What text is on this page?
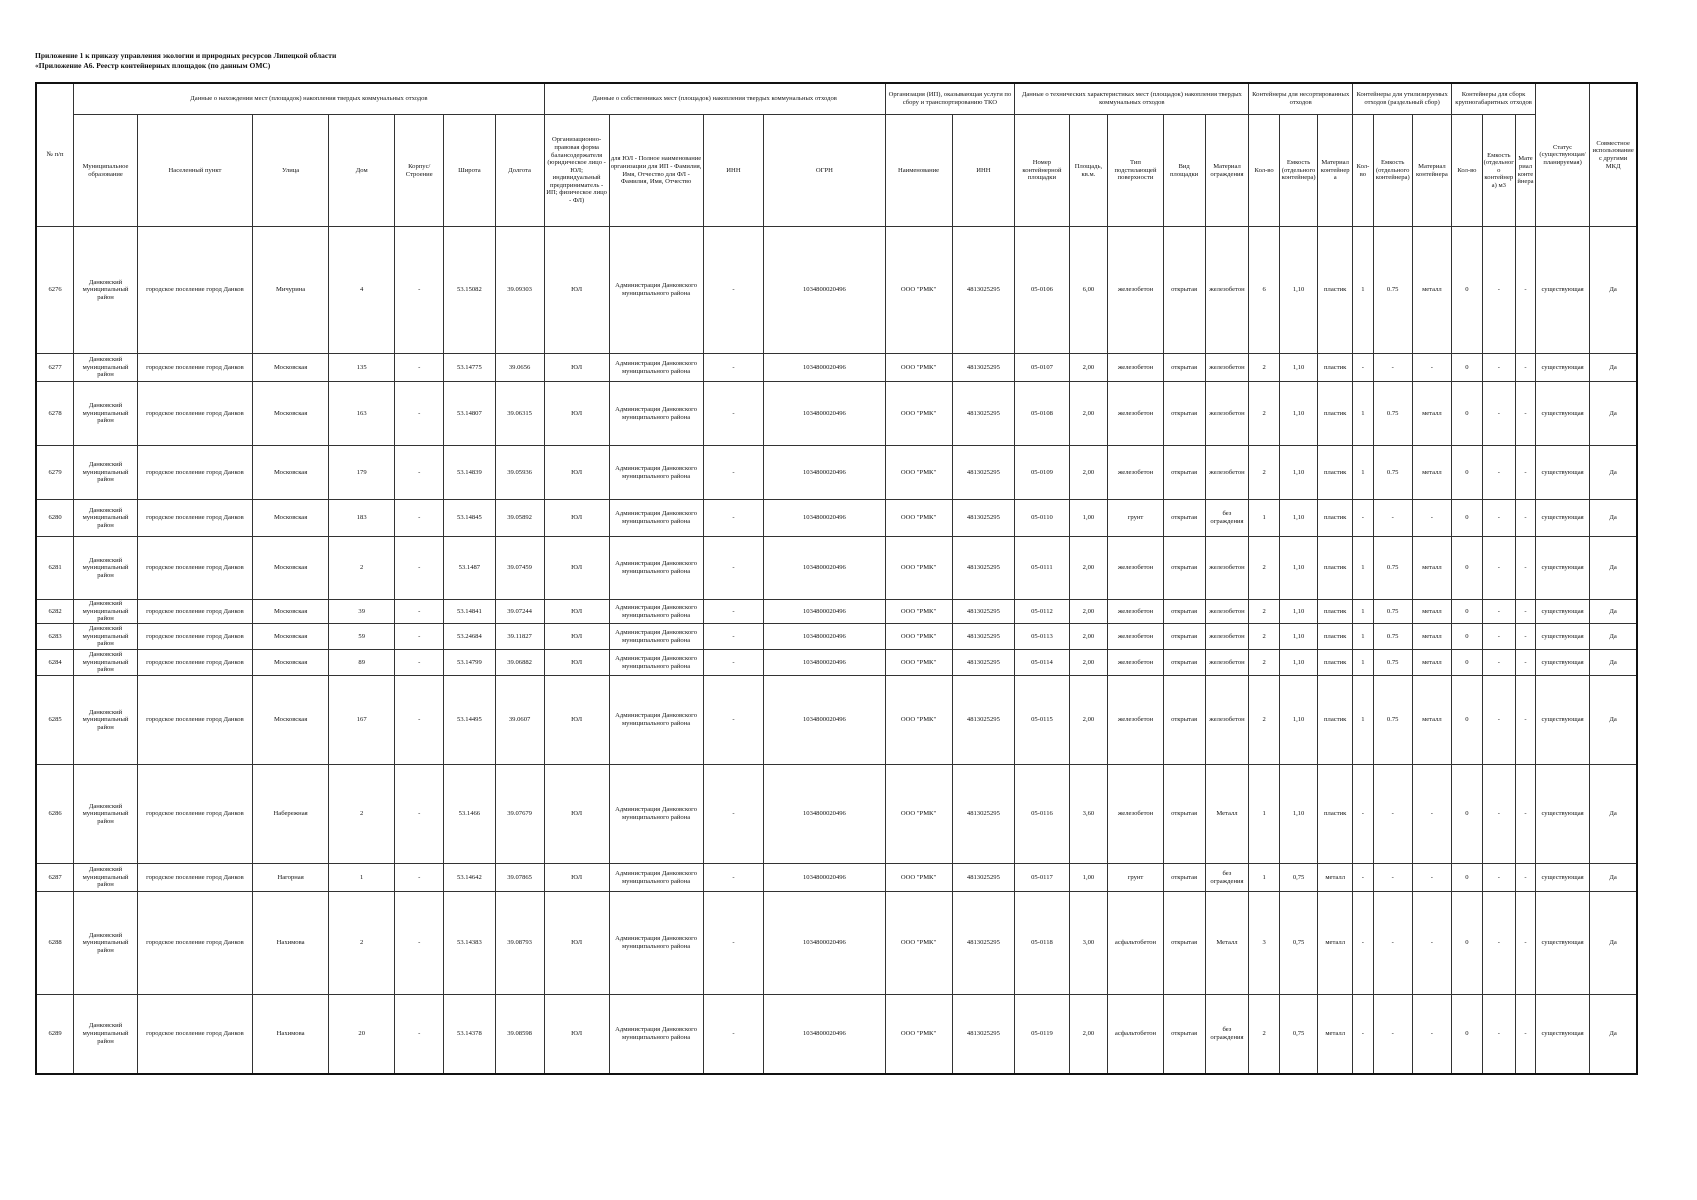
Приложение 1 к приказу управления экологии и природных ресурсов Липецкой области
«Приложение А6. Реестр контейнерных площадок (по данным ОМС)
№ п/п	Данные о нахождении мест (площадок) накопления твердых коммунальных отходов							Данные о собственниках мест (площадок) накопления твердых коммунальных отходов				Организация (ИП), оказывающая услуги по сбору и транспортированию ТКО		Данные о технических характеристиках мест (площадок) накопления твердых коммунальных отходов					Контейнеры для несортированных отходов			Контейнеры для утилизируемых отходов (раздельный сбор)			Контейнеры для сборк крупногабаритных отходов			Статус (существующая/ планируемая)	Совместное использование с другими МКД
	Муниципальное образование	Населенный пункт	Улица	Дом	Корпус/Строение	Широта	Долгота	Организационно-правовая форма балансодержателя (юридическое лицо - ЮЛ; индивидуальный предприниматель - ИП; физическое лицо - ФЛ)	для ЮЛ - Полное наименование организации для ИП - Фамилия, Имя, Отчество для ФЛ - Фамилия, Имя, Отчество	ИНН	ОГРН	Наименование	ИНН	Номер контейнерной площадки	Площадь, кв.м.	Тип подстилающей поверхности	Вид площадки	Материал ограждения	Кол-во	Емкость (отдельного контейнера)	Материал контейнера	Кол-во	Емкость (отдельного контейнера)	Материал контейнера	Кол-во	Емкость (отдельного контейнера) м3	Материал контейнера		
6276	Данковский муниципальный район	городское поселение город Данков	Мичурина	4	-	53.15082	39.09303	ЮЛ	Администрация Данковского муниципального района	-	1034800020496	ООО "РМК"	4813025295	05-0106	6,00	железобетон	открытая	железобетон	6	1,10	пластик	1	0.75	металл	0	-	-	существующая	Да
6277	Данковский муниципальный район	городское поселение город Данков	Московская	135	-	53.14775	39.0656	ЮЛ	Администрация Данковского муниципального района	-	1034800020496	ООО "РМК"	4813025295	05-0107	2,00	железобетон	открытая	железобетон	2	1,10	пластик	-	-	-	0	-	-	существующая	Да
6278	Данковский муниципальный район	городское поселение город Данков	Московская	163	-	53.14807	39.06315	ЮЛ	Администрация Данковского муниципального района	-	1034800020496	ООО "РМК"	4813025295	05-0108	2,00	железобетон	открытая	железобетон	2	1,10	пластик	1	0.75	металл	0	-	-	существующая	Да
6279	Данковский муниципальный район	городское поселение город Данков	Московская	179	-	53.14839	39.05936	ЮЛ	Администрация Данковского муниципального района	-	1034800020496	ООО "РМК"	4813025295	05-0109	2,00	железобетон	открытая	железобетон	2	1,10	пластик	1	0.75	металл	0	-	-	существующая	Да
6280	Данковский муниципальный район	городское поселение город Данков	Московская	183	-	53.14845	39.05892	ЮЛ	Администрация Данковского муниципального района	-	1034800020496	ООО "РМК"	4813025295	05-0110	1,00	грунт	открытая	без ограждения	1	1,10	пластик	-	-	-	0	-	-	существующая	Да
6281	Данковский муниципальный район	городское поселение город Данков	Московская	2	-	53.1487	39.07459	ЮЛ	Администрация Данковского муниципального района	-	1034800020496	ООО "РМК"	4813025295	05-0111	2,00	железобетон	открытая	железобетон	2	1,10	пластик	1	0.75	металл	0	-	-	существующая	Да
6282	Данковский муниципальный район	городское поселение город Данков	Московская	39	-	53.14841	39.07244	ЮЛ	Администрация Данковского муниципального района	-	1034800020496	ООО "РМК"	4813025295	05-0112	2,00	железобетон	открытая	железобетон	2	1,10	пластик	1	0.75	металл	0	-	-	существующая	Да
6283	Данковский муниципальный район	городское поселение город Данков	Московская	59	-	53.24684	39.11827	ЮЛ	Администрация Данковского муниципального района	-	1034800020496	ООО "РМК"	4813025295	05-0113	2,00	железобетон	открытая	железобетон	2	1,10	пластик	1	0.75	металл	0	-	-	существующая	Да
6284	Данковский муниципальный район	городское поселение город Данков	Московская	89	-	53.14799	39.06882	ЮЛ	Администрация Данковского муниципального района	-	1034800020496	ООО "РМК"	4813025295	05-0114	2,00	железобетон	открытая	железобетон	2	1,10	пластик	1	0.75	металл	0	-	-	существующая	Да
6285	Данковский муниципальный район	городское поселение город Данков	Московская	167	-	53.14495	39.0607	ЮЛ	Администрация Данковского муниципального района	-	1034800020496	ООО "РМК"	4813025295	05-0115	2,00	железобетон	открытая	железобетон	2	1,10	пластик	1	0.75	металл	0	-	-	существующая	Да
6286	Данковский муниципальный район	городское поселение город Данков	Набережная	2	-	53.1466	39.07679	ЮЛ	Администрация Данковского муниципального района	-	1034800020496	ООО "РМК"	4813025295	05-0116	3,60	железобетон	открытая	Металл	1	1,10	пластик	-	-	-	0	-	-	существующая	Да
6287	Данковский муниципальный район	городское поселение город Данков	Нагорная	1	-	53.14642	39.07865	ЮЛ	Администрация Данковского муниципального района	-	1034800020496	ООО "РМК"	4813025295	05-0117	1,00	грунт	открытая	без ограждения	1	0,75	металл	-	-	-	0	-	-	существующая	Да
6288	Данковский муниципальный район	городское поселение город Данков	Нахимова	2	-	53.14383	39.08793	ЮЛ	Администрация Данковского муниципального района	-	1034800020496	ООО "РМК"	4813025295	05-0118	3,00	асфальтобетон	открытая	Металл	3	0,75	металл	-	-	-	0	-	-	существующая	Да
6289	Данковский муниципальный район	городское поселение город Данков	Нахимова	20	-	53.14378	39.08598	ЮЛ	Администрация Данковского муниципального района	-	1034800020496	ООО "РМК"	4813025295	05-0119	2,00	асфальтобетон	открытая	без ограждения	2	0,75	металл	-	-	-	0	-	-	существующая	Да
